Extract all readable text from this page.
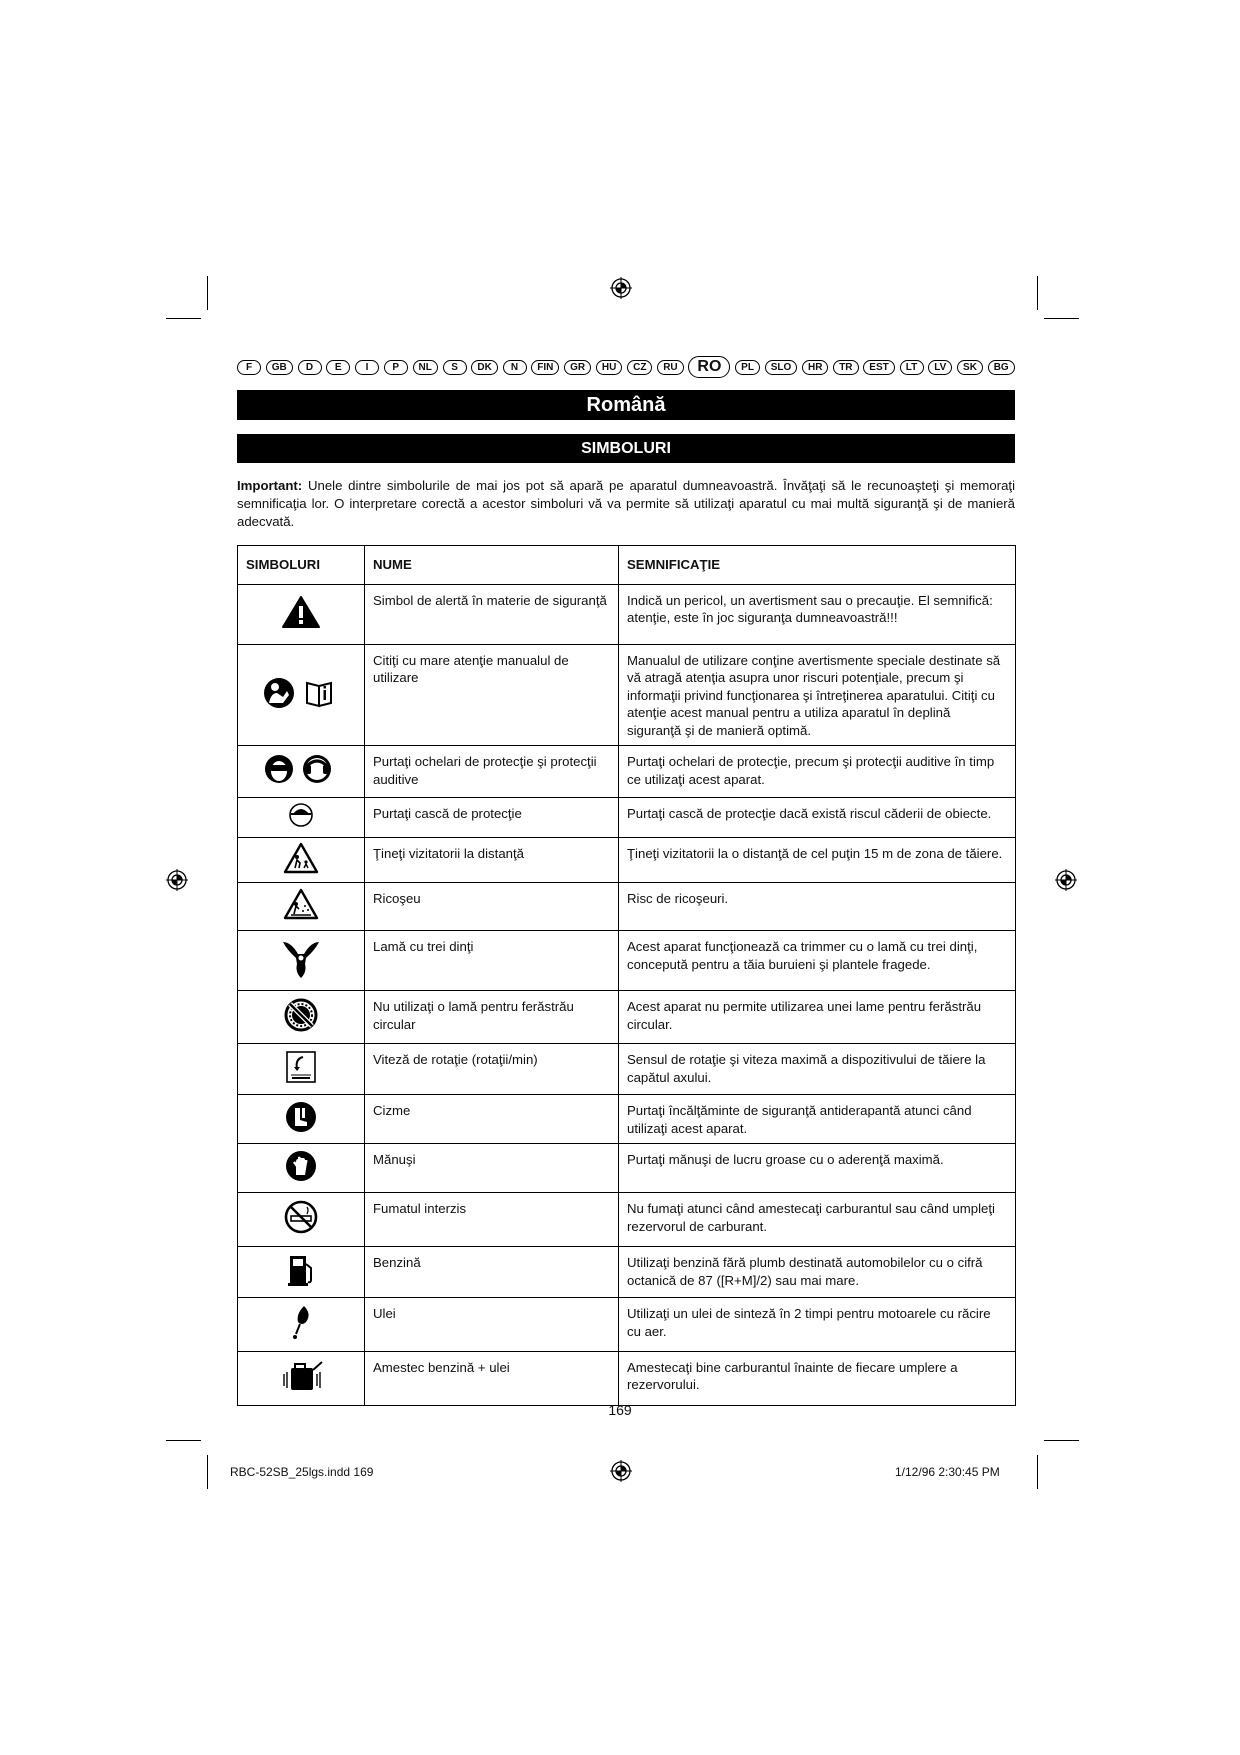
F	GB	D	E	I	P	NL	S	DK	N	FIN	GR	HU	CZ	RU	RO	PL	SLO	HR	TR	EST	LT	LV	SK	BG
Română
SIMBOLURI
Important: Unele dintre simbolurile de mai jos pot să apară pe aparatul dumneavoastră. Învăţaţi să le recunoaşteţi şi memoraţi semnificaţia lor. O interpretare corectă a acestor simboluri vă va permite să utilizaţi aparatul cu mai multă siguranţă şi de manieră adecvată.
SIMBOLURI	NUME	SEMNIFICAŢIE
	Simbol de alertă în materie de siguranţă	Indică un pericol, un avertisment sau o precauţie. El semnifică: atenţie, este în joc siguranţa dumneavoastră!!!
	Citiţi cu mare atenţie manualul de utilizare	Manualul de utilizare conţine avertismente speciale destinate să vă atragă atenţia asupra unor riscuri potenţiale, precum şi informaţii privind funcţionarea şi întreţinerea aparatului. Citiţi cu atenţie acest manual pentru a utiliza aparatul în deplină siguranţă şi de manieră optimă.
	Purtaţi ochelari de protecţie şi protecţii auditive	Purtaţi ochelari de protecţie, precum şi protecţii auditive în timp ce utilizaţi acest aparat.
	Purtaţi cască de protecţie	Purtaţi cască de protecţie dacă există riscul căderii de obiecte.
	Ţineţi vizitatorii la distanţă	Ţineţi vizitatorii la o distanţă de cel puţin 15 m de zona de tăiere.
	Ricoşeu	Risc de ricoşeuri.
	Lamă cu trei dinţi	Acest aparat funcţionează ca trimmer cu o lamă cu trei dinţi, concepută pentru a tăia buruieni şi plantele fragede.
	Nu utilizaţi o lamă pentru ferăstrău circular	Acest aparat nu permite utilizarea unei lame pentru ferăstrău circular.
	Viteză de rotaţie (rotaţii/min)	Sensul de rotaţie şi viteza maximă a dispozitivului de tăiere la capătul axului.
	Cizme	Purtaţi încălţăminte de siguranţă antiderapantă atunci când utilizaţi acest aparat.
	Mănuşi	Purtaţi mănuşi de lucru groase cu o aderenţă maximă.
	Fumatul interzis	Nu fumaţi atunci când amestecaţi carburantul sau când umpleţi rezervorul de carburant.
	Benzină	Utilizaţi benzină fără plumb destinată automobilelor cu o cifră octanică de 87 ([R+M]/2) sau mai mare.
	Ulei	Utilizaţi un ulei de sinteză în 2 timpi pentru motoarele cu răcire cu aer.
	Amestec benzină + ulei	Amestecaţi bine carburantul înainte de fiecare umplere a rezervorului.
169
RBC-52SB_25lgs.indd 169	1/12/96 2:30:45 PM
